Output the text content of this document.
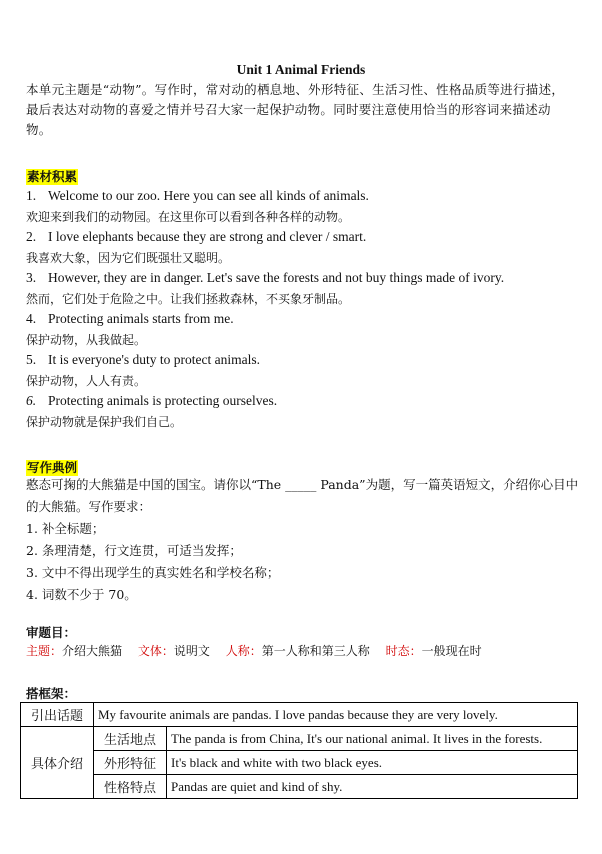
Unit 1 Animal Friends
本单元主题是“动物”。写作时，常对动的栖息地、外形特征、生活习性、性格品质等进行描述，最后表达对动物的喜爱之情并号召大家一起保护动物。同时要注意使用恰当的形容词来描述动物。
素材积累
1. Welcome to our zoo. Here you can see all kinds of animals.
欢迎来到我们的动物园。在这里你可以看到各种各样的动物。
2. I love elephants because they are strong and clever / smart.
我喜欢大象，因为它们既强壮又聪明。
3. However, they are in danger. Let's save the forests and not buy things made of ivory.
然而，它们处于危险之中。让我们拯救森林，不买象牙制品。
4. Protecting animals starts from me.
保护动物，从我做起。
5. It is everyone's duty to protect animals.
保护动物，人人有责。
6. Protecting animals is protecting ourselves.
保护动物就是保护我们自己。
写作典例
憨态可掬的大熊猫是中国的国宝。请你以“The _____ Panda”为题，写一篇英语短文，介绍你心目中的大熊猫。写作要求：
1. 补全标题；
2. 条理清楚，行文连贯，可适当发挥；
3. 文中不得出现学生的真实姓名和学校名称；
4. 词数不少于 70。
审题目：
主题：介绍大熊猫 文体：说明文 人称：第一人称和第三人称 时态：一般现在时
搭框架：
引出话题	My favourite animals are pandas. I love pandas because they are very lovely.	
具体介绍	生活地点	The panda is from China, It's our national animal. It lives in the forests.
	外形特征	It's black and white with two black eyes.
	性格特点	Pandas are quiet and kind of shy.
